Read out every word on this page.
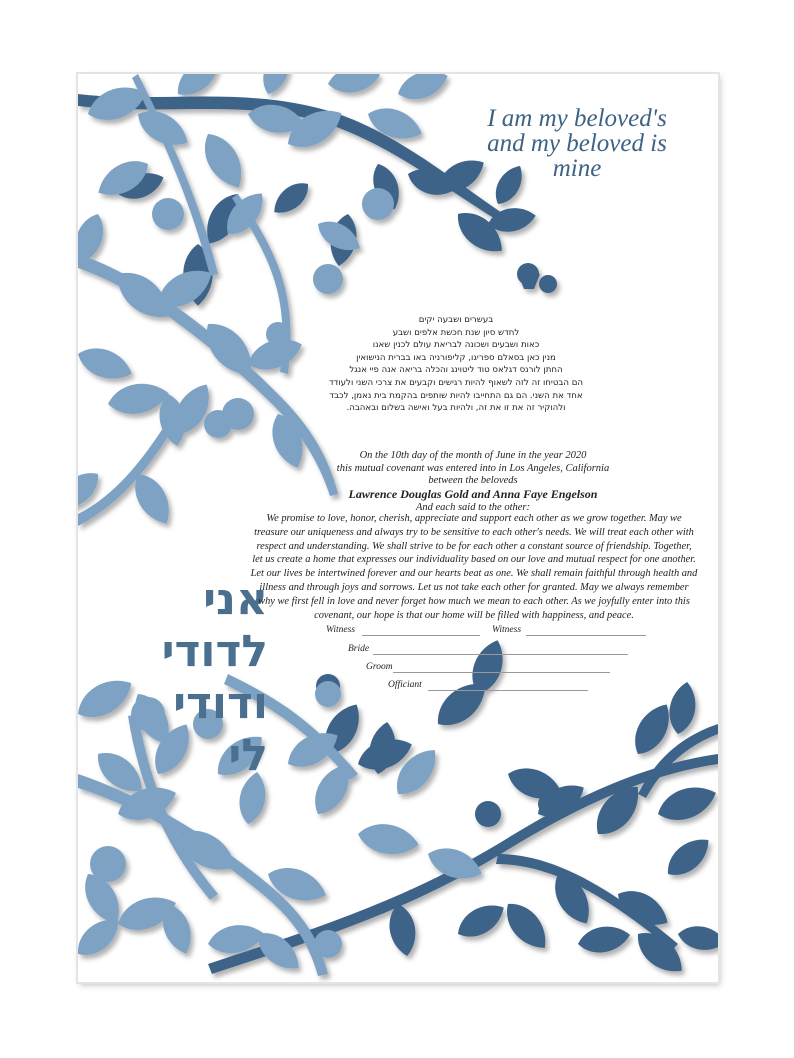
I am my beloved's
and my beloved is
mine
אני
לדודי
ודודי
לי
בעשרים ושבעה יקים
לחדש סיון שנת חכשת אלפים ושבע
כאות ושבעים ושכונה לבריאת עולם לכנין שאנו
מנין כאן בסאלם ספריגו, קליפורניה באו בברית הנישואין
החתן לורנס דגלאס טוד ליטוינג והכלה בריאה אנה פיי אנגל
הם הבטיחו זה לזה לשאוף להיות רגישים וקבעים את צרכי השני ולעודד
אחד את השני. הם גם התחייבו להיות שותפים בהקמת בית נאמן, לכבד
ולהוקיר זה את זו את זה, ולהיות בעל ואישה בשלום ובאהבה.
On the 10th day of the month of June in the year 2020
this mutual covenant was entered into in Los Angeles, California
between the beloveds
Lawrence Douglas Gold and Anna Faye Engelson
And each said to the other:
We promise to love, honor, cherish, appreciate and support each other as we grow together. May we treasure our uniqueness and always try to be sensitive to each other's needs. We will treat each other with respect and understanding. We shall strive to be for each other a constant source of friendship. Together, let us create a home that expresses our individuality based on our love and mutual respect for one another. Let our lives be intertwined forever and our hearts beat as one. We shall remain faithful through health and illness and through joys and sorrows. Let us not take each other for granted. May we always remember why we first fell in love and never forget how much we mean to each other. As we joyfully enter into this covenant, our hope is that our home will be filled with happiness, and peace.
Witness	Witness
Bride
Groom
Officiant
